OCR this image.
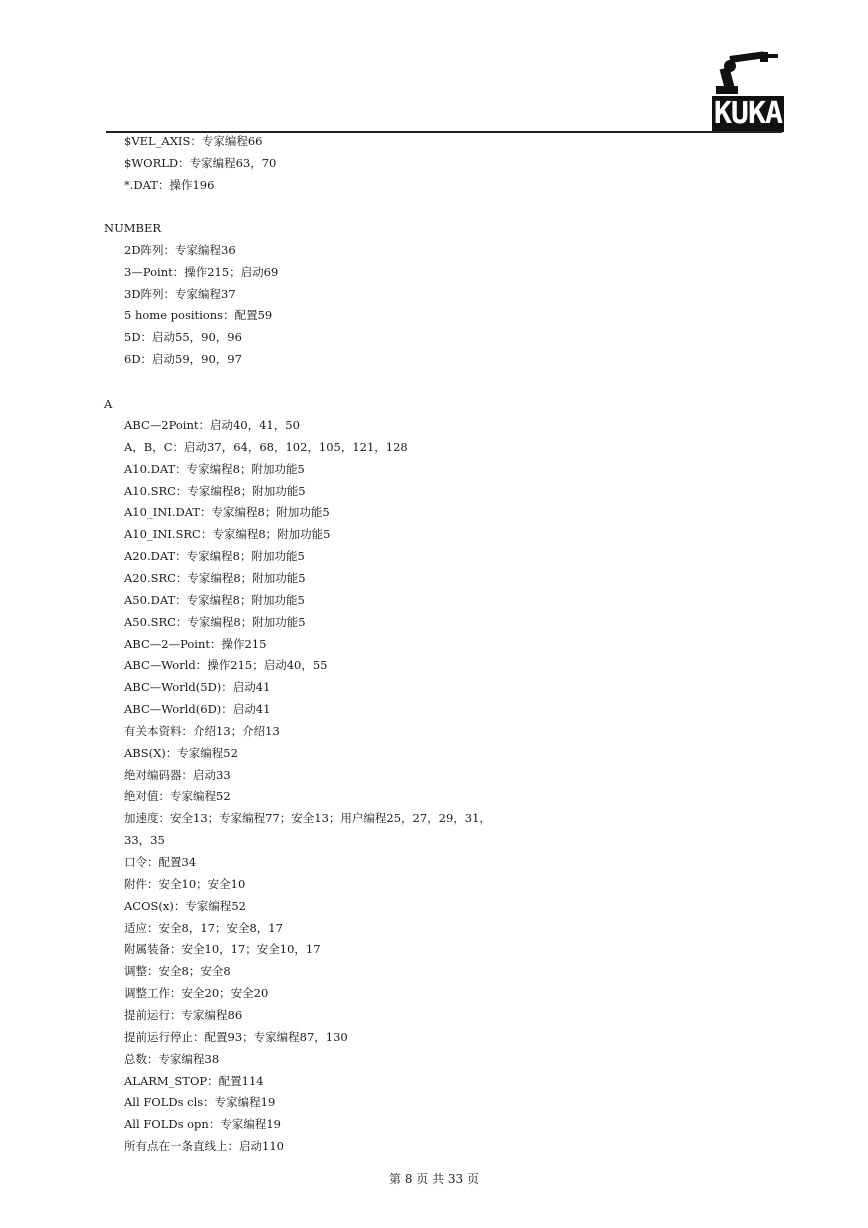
KUKA
$VEL_AXIS：专家编程66
$WORLD：专家编程63，70
*.DAT：操作196
NUMBER
2D阵列：专家编程36
3—Point：操作215；启动69
3D阵列：专家编程37
5 home positions：配置59
5D：启动55，90，96
6D：启动59，90，97
A
ABC—2Point：启动40，41，50
A，B，C：启动37，64，68，102，105，121，128
A10.DAT：专家编程8；附加功能5
A10.SRC：专家编程8；附加功能5
A10_INI.DAT：专家编程8；附加功能5
A10_INI.SRC：专家编程8；附加功能5
A20.DAT：专家编程8；附加功能5
A20.SRC：专家编程8；附加功能5
A50.DAT：专家编程8；附加功能5
A50.SRC：专家编程8；附加功能5
ABC—2—Point：操作215
ABC—World：操作215；启动40，55
ABC—World(5D)：启动41
ABC—World(6D)：启动41
有关本资料：介绍13；介绍13
ABS(X)：专家编程52
绝对编码器：启动33
绝对值：专家编程52
加速度：安全13；专家编程77；安全13；用户编程25，27，29，31，
33，35
口令：配置34
附件：安全10；安全10
ACOS(x)：专家编程52
适应：安全8，17；安全8，17
附属装备：安全10，17；安全10，17
调整：安全8；安全8
调整工作：安全20；安全20
提前运行：专家编程86
提前运行停止：配置93；专家编程87，130
总数：专家编程38
ALARM_STOP：配置114
All FOLDs cls：专家编程19
All FOLDs opn：专家编程19
所有点在一条直线上：启动110
第 8 页 共 33 页
